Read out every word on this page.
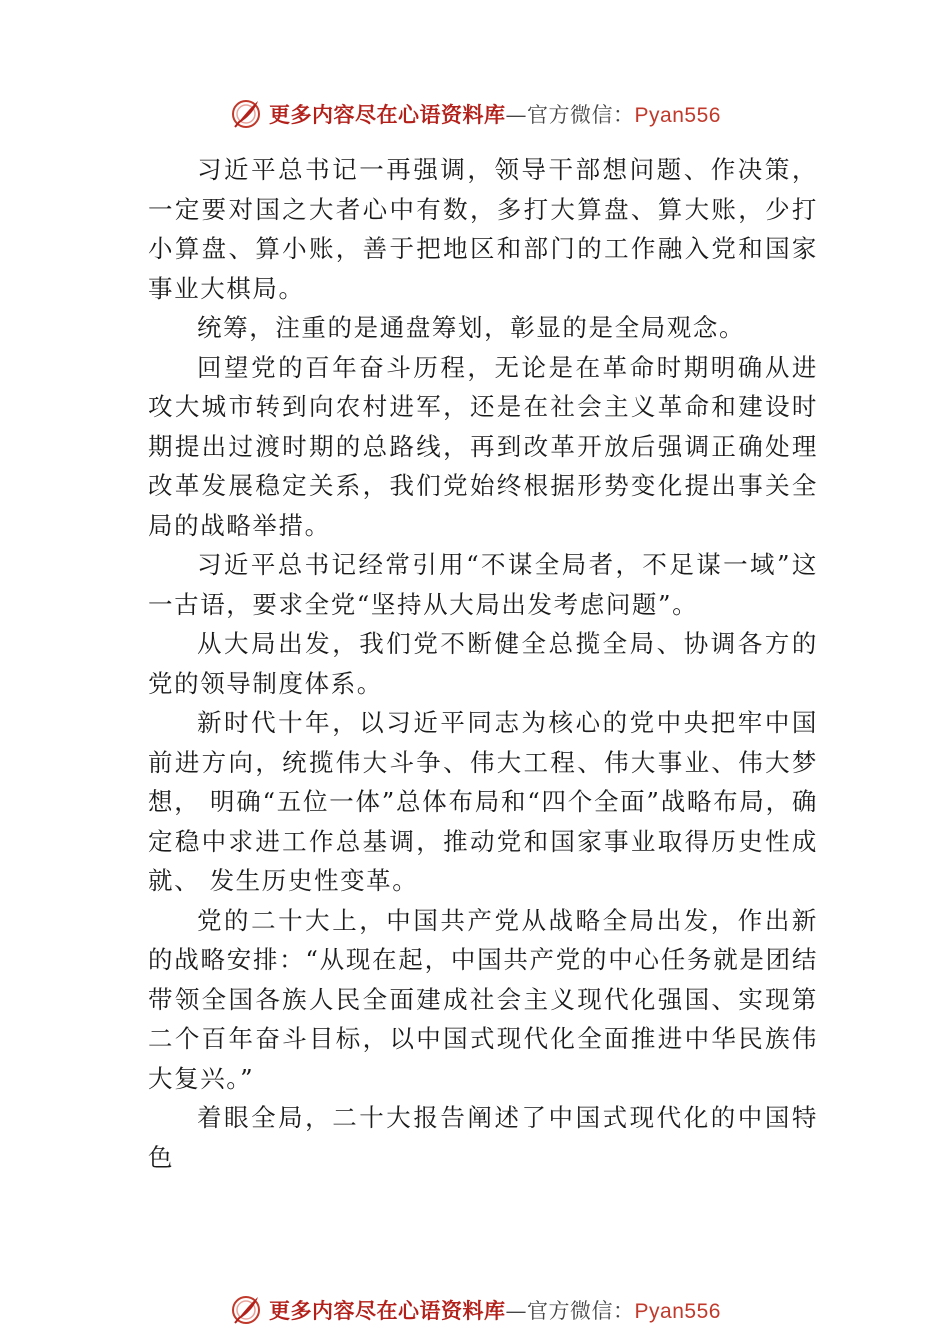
更多内容尽在心语资料库—官方微信：Pyan556

习近平总书记一再强调，领导干部想问题、作决策，一定要对国之大者心中有数，多打大算盘、算大账，少打小算盘、算小账，善于把地区和部门的工作融入党和国家事业大棋局。

统筹，注重的是通盘筹划，彰显的是全局观念。

回望党的百年奋斗历程，无论是在革命时期明确从进攻大城市转到向农村进军，还是在社会主义革命和建设时期提出过渡时期的总路线，再到改革开放后强调正确处理改革发展稳定关系，我们党始终根据形势变化提出事关全局的战略举措。

习近平总书记经常引用“不谋全局者，不足谋一域”这一古语，要求全党“坚持从大局出发考虑问题”。

从大局出发，我们党不断健全总揽全局、协调各方的党的领导制度体系。

新时代十年，以习近平同志为核心的党中央把牢中国前进方向，统揽伟大斗争、伟大工程、伟大事业、伟大梦想， 明确“五位一体”总体布局和“四个全面”战略布局，确定稳中求进工作总基调，推动党和国家事业取得历史性成就、 发生历史性变革。

党的二十大上，中国共产党从战略全局出发，作出新的战略安排：“从现在起，中国共产党的中心任务就是团结带领全国各族人民全面建成社会主义现代化强国、实现第二个百年奋斗目标，以中国式现代化全面推进中华民族伟大复兴。”

着眼全局，二十大报告阐述了中国式现代化的中国特色

更多内容尽在心语资料库—官方微信：Pyan556
